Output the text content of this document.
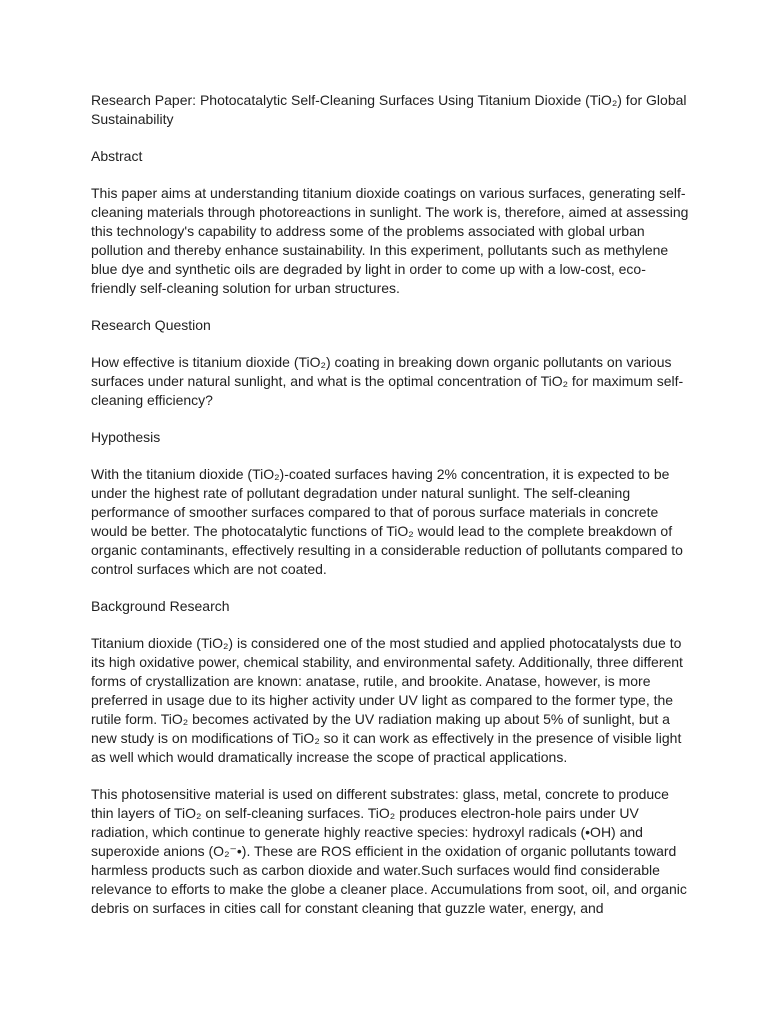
Research Paper: Photocatalytic Self-Cleaning Surfaces Using Titanium Dioxide (TiO₂) for Global Sustainability

Abstract

This paper aims at understanding titanium dioxide coatings on various surfaces, generating self-cleaning materials through photoreactions in sunlight. The work is, therefore, aimed at assessing this technology's capability to address some of the problems associated with global urban pollution and thereby enhance sustainability. In this experiment, pollutants such as methylene blue dye and synthetic oils are degraded by light in order to come up with a low-cost, eco-friendly self-cleaning solution for urban structures.

Research Question

How effective is titanium dioxide (TiO₂) coating in breaking down organic pollutants on various surfaces under natural sunlight, and what is the optimal concentration of TiO₂ for maximum self-cleaning efficiency?

Hypothesis

With the titanium dioxide (TiO₂)-coated surfaces having 2% concentration, it is expected to be under the highest rate of pollutant degradation under natural sunlight. The self-cleaning performance of smoother surfaces compared to that of porous surface materials in concrete would be better. The photocatalytic functions of TiO₂ would lead to the complete breakdown of organic contaminants, effectively resulting in a considerable reduction of pollutants compared to control surfaces which are not coated.

Background Research

Titanium dioxide (TiO₂) is considered one of the most studied and applied photocatalysts due to its high oxidative power, chemical stability, and environmental safety. Additionally, three different forms of crystallization are known: anatase, rutile, and brookite. Anatase, however, is more preferred in usage due to its higher activity under UV light as compared to the former type, the rutile form. TiO₂ becomes activated by the UV radiation making up about 5% of sunlight, but a new study is on modifications of TiO₂ so it can work as effectively in the presence of visible light as well which would dramatically increase the scope of practical applications.

This photosensitive material is used on different substrates: glass, metal, concrete to produce thin layers of TiO₂ on self-cleaning surfaces. TiO₂ produces electron-hole pairs under UV radiation, which continue to generate highly reactive species: hydroxyl radicals (•OH) and superoxide anions (O₂⁻•). These are ROS efficient in the oxidation of organic pollutants toward harmless products such as carbon dioxide and water.Such surfaces would find considerable relevance to efforts to make the globe a cleaner place. Accumulations from soot, oil, and organic debris on surfaces in cities call for constant cleaning that guzzle water, energy, and
